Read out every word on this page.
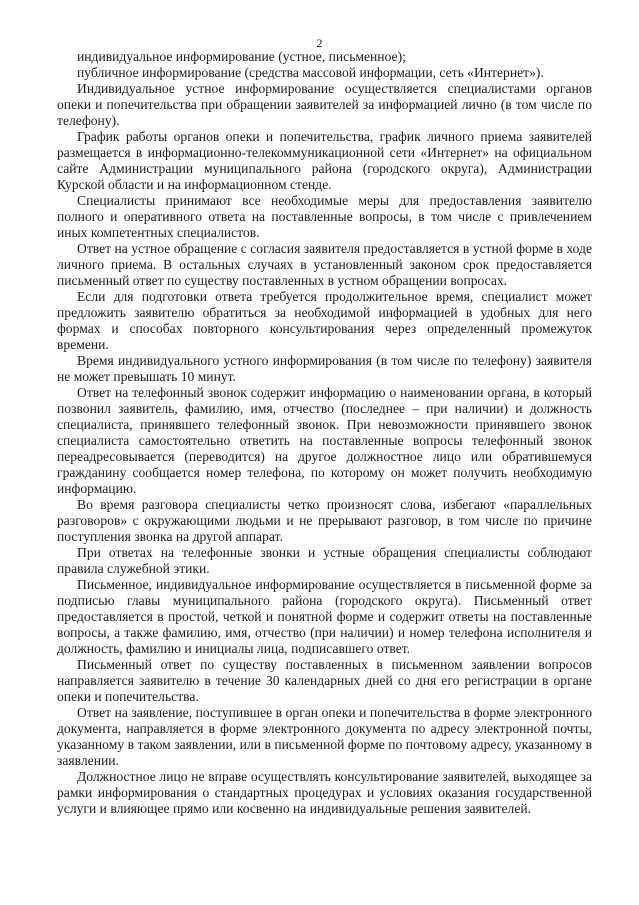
2

индивидуальное информирование (устное, письменное);

публичное информирование (средства массовой информации, сеть «Интернет»).

Индивидуальное устное информирование осуществляется специалистами органов опеки и попечительства при обращении заявителей за информацией лично (в том числе по телефону).

График работы органов опеки и попечительства, график личного приема заявителей размещается в информационно-телекоммуникационной сети «Интернет» на официальном сайте Администрации муниципального района (городского округа), Администрации Курской области и на информационном стенде.

Специалисты принимают все необходимые меры для предоставления заявителю полного и оперативного ответа на поставленные вопросы, в том числе с привлечением иных компетентных специалистов.

Ответ на устное обращение с согласия заявителя предоставляется в устной форме в ходе личного приема. В остальных случаях в установленный законом срок предоставляется письменный ответ по существу поставленных в устном обращении вопросах.

Если для подготовки ответа требуется продолжительное время, специалист может предложить заявителю обратиться за необходимой информацией в удобных для него формах и способах повторного консультирования через определенный промежуток времени.

Время индивидуального устного информирования (в том числе по телефону) заявителя не может превышать 10 минут.

Ответ на телефонный звонок содержит информацию о наименовании органа, в который позвонил заявитель, фамилию, имя, отчество (последнее – при наличии) и должность специалиста, принявшего телефонный звонок. При невозможности принявшего звонок специалиста самостоятельно ответить на поставленные вопросы телефонный звонок переадресовывается (переводится) на другое должностное лицо или обратившемуся гражданину сообщается номер телефона, по которому он может получить необходимую информацию.

Во время разговора специалисты четко произносят слова, избегают «параллельных разговоров» с окружающими людьми и не прерывают разговор, в том числе по причине поступления звонка на другой аппарат.

При ответах на телефонные звонки и устные обращения специалисты соблюдают правила служебной этики.

Письменное, индивидуальное информирование осуществляется в письменной форме за подписью главы муниципального района (городского округа). Письменный ответ предоставляется в простой, четкой и понятной форме и содержит ответы на поставленные вопросы, а также фамилию, имя, отчество (при наличии) и номер телефона исполнителя и должность, фамилию и инициалы лица, подписавшего ответ.

Письменный ответ по существу поставленных в письменном заявлении вопросов направляется заявителю в течение 30 календарных дней со дня его регистрации в органе опеки и попечительства.

Ответ на заявление, поступившее в орган опеки и попечительства в форме электронного документа, направляется в форме электронного документа по адресу электронной почты, указанному в таком заявлении, или в письменной форме по почтовому адресу, указанному в заявлении.

Должностное лицо не вправе осуществлять консультирование заявителей, выходящее за рамки информирования о стандартных процедурах и условиях оказания государственной услуги и влияющее прямо или косвенно на индивидуальные решения заявителей.
